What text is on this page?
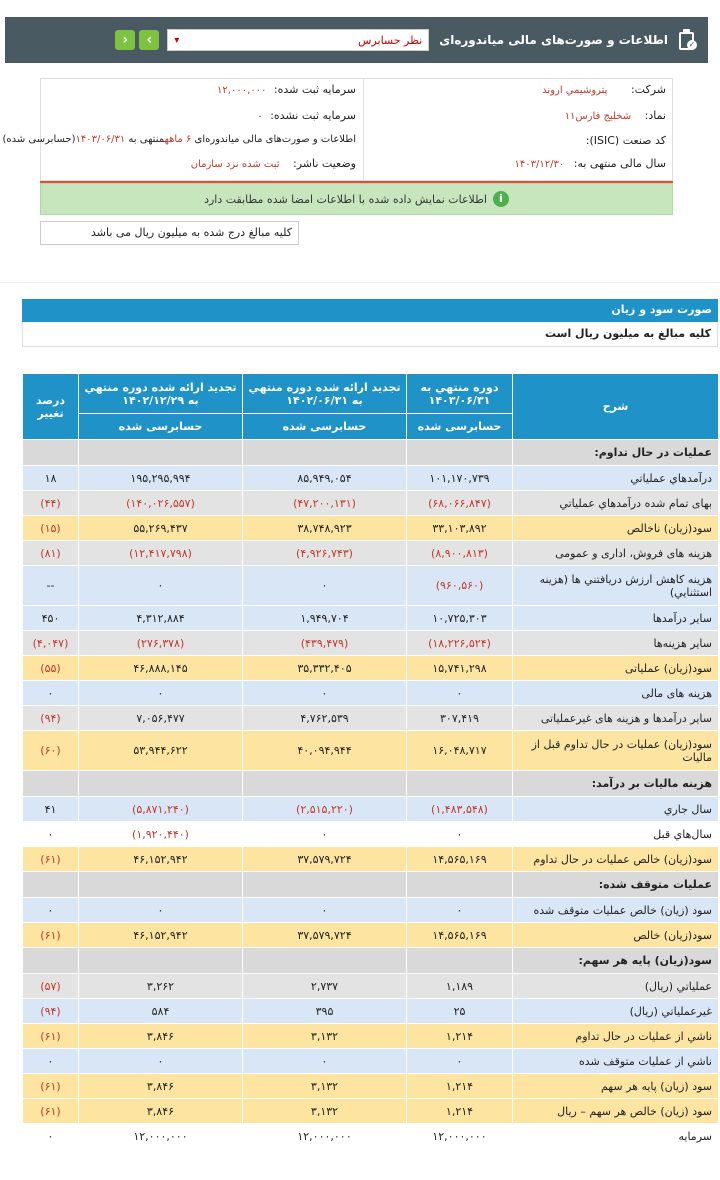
✓
اطلاعات و صورت‌های مالی میاندوره‌ای
نظر حسابرس
▾
›
‹
شرکت: پتروشيمي اروند
نماد: شخليج فارس۱۱
کد صنعت (ISIC):
سال مالی منتهی به: ۱۴۰۳/۱۲/۳۰
سرمایه ثبت شده: ۱۲,۰۰۰,۰۰۰
سرمایه ثبت نشده: ۰
اطلاعات و صورت‌های مالی میاندوره‌ای ۶ ماههمنتهی به ۱۴۰۳/۰۶/۳۱(حسابرسی شده)
وضعیت ناشر: ثبت شده نزد سازمان
i
اطلاعات نمایش داده شده با اطلاعات امضا شده مطابقت دارد
کلیه مبالغ درج شده به میلیون ریال می باشد
صورت سود و زیان
کلیه مبالغ به میلیون ریال است
شرح	دوره منتهي به ۱۴۰۳/۰۶/۳۱	تجدید ارائه شده دوره منتهي به ۱۴۰۲/۰۶/۳۱	تجدید ارائه شده دوره منتهي به ۱۴۰۲/۱۲/۲۹	درصد تغيير
	حسابرسی شده	حسابرسی شده	حسابرسی شده	
عمليات در حال تداوم:				
درآمدهاي عملياتي	۱۰۱,۱۷۰,۷۳۹	۸۵,۹۴۹,۰۵۴	۱۹۵,۲۹۵,۹۹۴	۱۸
بهاى تمام شده درآمدهاي عملياتي	(۶۸,۰۶۶,۸۴۷)	(۴۷,۲۰۰,۱۳۱)	(۱۴۰,۰۲۶,۵۵۷)	(۴۴)
سود(زيان) ناخالص	۳۳,۱۰۳,۸۹۲	۳۸,۷۴۸,۹۲۳	۵۵,۲۶۹,۴۳۷	(۱۵)
هزينه هاى فروش، ادارى و عمومى	(۸,۹۰۰,۸۱۳)	(۴,۹۲۶,۷۴۳)	(۱۲,۴۱۷,۷۹۸)	(۸۱)
هزينه کاهش ارزش دريافتني ها (هزينه استثنايي)	(۹۶۰,۵۶۰)	۰	۰	--
ساير درآمدها	۱۰,۷۲۵,۳۰۳	۱,۹۴۹,۷۰۴	۴,۳۱۲,۸۸۴	۴۵۰
ساير هزينه‌ها	(۱۸,۲۲۶,۵۲۴)	(۴۳۹,۴۷۹)	(۲۷۶,۳۷۸)	(۴,۰۴۷)
سود(زيان) عملياتى	۱۵,۷۴۱,۲۹۸	۳۵,۳۳۲,۴۰۵	۴۶,۸۸۸,۱۴۵	(۵۵)
هزينه هاى مالى	۰	۰	۰	۰
ساير درآمدها و هزينه هاى غيرعملياتى	۳۰۷,۴۱۹	۴,۷۶۲,۵۳۹	۷,۰۵۶,۴۷۷	(۹۴)
سود(زيان) عمليات در حال تداوم قبل از ماليات	۱۶,۰۴۸,۷۱۷	۴۰,۰۹۴,۹۴۴	۵۳,۹۴۴,۶۲۲	(۶۰)
هزينه ماليات بر درآمد:				
سال جاري	(۱,۴۸۳,۵۴۸)	(۲,۵۱۵,۲۲۰)	(۵,۸۷۱,۲۴۰)	۴۱
سال‌هاي قبل	۰	۰	(۱,۹۲۰,۴۴۰)	۰
سود(زيان) خالص عمليات در حال تداوم	۱۴,۵۶۵,۱۶۹	۳۷,۵۷۹,۷۲۴	۴۶,۱۵۲,۹۴۲	(۶۱)
عمليات متوقف شده:				
سود (زيان) خالص عمليات متوقف شده	۰	۰	۰	۰
سود(زيان) خالص	۱۴,۵۶۵,۱۶۹	۳۷,۵۷۹,۷۲۴	۴۶,۱۵۲,۹۴۲	(۶۱)
سود(زيان) پايه هر سهم:				
عملياتي (ريال)	۱,۱۸۹	۲,۷۳۷	۳,۲۶۲	(۵۷)
غيرعملياتي (ريال)	۲۵	۳۹۵	۵۸۴	(۹۴)
ناشي از عمليات در حال تداوم	۱,۲۱۴	۳,۱۳۲	۳,۸۴۶	(۶۱)
ناشي از عمليات متوقف شده	۰	۰	۰	۰
سود (زيان) پايه هر سهم	۱,۲۱۴	۳,۱۳۲	۳,۸۴۶	(۶۱)
سود (زيان) خالص هر سهم – ريال	۱,۲۱۴	۳,۱۳۲	۳,۸۴۶	(۶۱)
سرمايه	۱۲,۰۰۰,۰۰۰	۱۲,۰۰۰,۰۰۰	۱۲,۰۰۰,۰۰۰	۰
